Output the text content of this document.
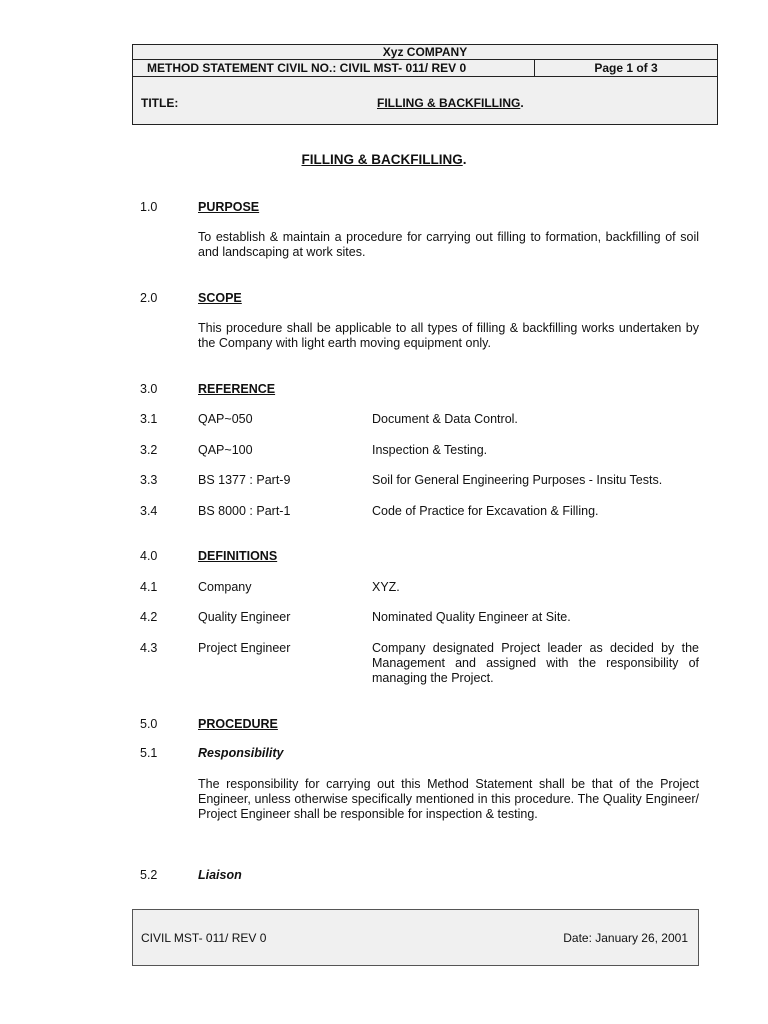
Xyz COMPANY
METHOD STATEMENT CIVIL NO.: CIVIL MST- 011/ REV 0	Page 1 of 3
TITLE:	FILLING & BACKFILLING.
FILLING & BACKFILLING.
1.0	PURPOSE
To establish & maintain a procedure for carrying out filling to formation, backfilling of soil and landscaping at work sites.
2.0	SCOPE
This procedure shall be applicable to all types of filling & backfilling works undertaken by the Company with light earth moving equipment only.
3.0	REFERENCE
3.1	QAP~050	Document & Data Control.
3.2	QAP~100	Inspection & Testing.
3.3	BS 1377 : Part-9	Soil for General Engineering Purposes - Insitu Tests.
3.4	BS 8000 : Part-1	Code of Practice for Excavation & Filling.
4.0	DEFINITIONS
4.1	Company	XYZ.
4.2	Quality Engineer	Nominated Quality Engineer at Site.
4.3	Project Engineer	Company designated Project leader as decided by the Management and assigned with the responsibility of managing the Project.
5.0	PROCEDURE
5.1	Responsibility
The responsibility for carrying out this Method Statement shall be that of the Project Engineer, unless otherwise specifically mentioned in this procedure. The Quality Engineer/ Project Engineer shall be responsible for inspection & testing.
5.2	Liaison
CIVIL MST- 011/ REV 0	Date: January 26, 2001
